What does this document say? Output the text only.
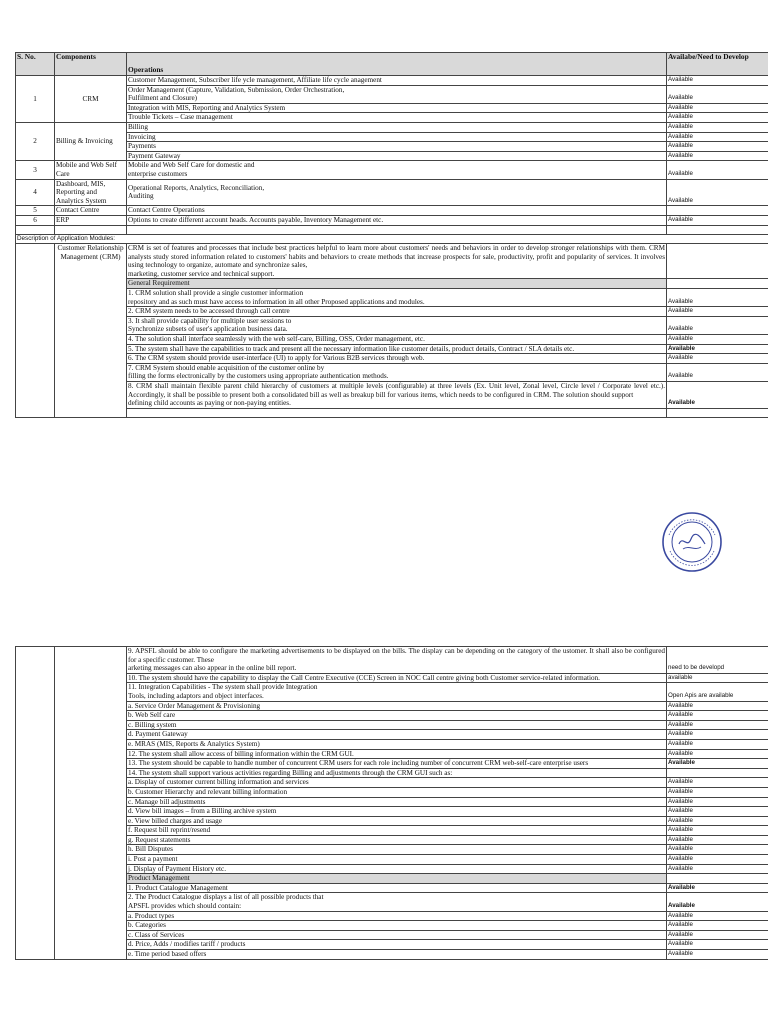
S. No.	Components	Operations	Availabe/Need to Develop
1	CRM	Customer Management, Subscriber life ycle management, Affiliate life cycle anagement	Available

		Order Management (Capture, Validation, Submission, Order Orchestration,
Fulfilment and Closure)	Available
		Integration with MIS, Reporting and Analytics System	Available
		Trouble Tickets – Case management	Available
2	Billing & Invoicing	Billing	Available
		Invoicing	Available
		Payments	Available
		Payment Gateway	Available
3	Mobile and Web Self Care	Mobile and Web Self Care for domestic and
enterprise customers	Available
4	Dashboard, MIS, Reporting and Analytics System	Operational Reports, Analytics, Reconciliation,
Auditing	Available
5	Contact Centre	Contact Centre Operations	
6	ERP	Options to create different account heads. Accounts payable, Inventory Management etc.	Available

Description of Application Modules:			
	Customer Relationship Management (CRM)	CRM is set of features and processes that include best practices helpful to learn more about customers' needs and behaviors in order to develop stronger relationships with them. CRM analysts study stored information related to customers' habits and behaviors to create methods that increase prospects for sale, productivity, profit and popularity of services. It involves using technology to organize, automate and synchronize sales,
marketing, customer service and technical support.	

		General Requirement	

		1. CRM solution shall provide a single customer information
repository and as such must have access to information in all other Proposed applications and modules.	Available
		2. CRM system needs to be accessed through call centre	Available

		3. It shall provide capability for multiple user sessions to
Synchronize subsets of user's application business data.	Available
		4. The solution shall interface seamlessly with the web self-care, Billing, OSS, Order management, etc.	Available
		5. The system shall have the capabilities to track and present all the necessary information like customer details, product details, Contract / SLA details etc.	Available
		6. The CRM system should provide user-interface (UI) to apply for Various B2B services through web.	Available

		7. CRM System should enable acquisition of the customer online by
filling the forms electronically by the customers using appropriate authentication methods.	Available

		8. CRM shall maintain flexible parent child hierarchy of customers at multiple levels (configurable) at three levels (Ex. Unit level, Zonal level, Circle level / Corporate level etc.). Accordingly, it shall be possible to present both a consolidated bill as well as breakup bill for various items, which needs to be configured in CRM. The solution should support
defining child accounts as paying or non-paying entities.	Available

		9. APSFL should be able to configure the marketing advertisements to be displayed on the bills. The display can be depending on the category of the ustomer. It shall also be configured for a specific customer. These
arketing messages can also appear in the online bill report.	need to be developd
		10. The system should have the capability to display the Call Centre Executive (CCE) Screen in NOC Call centre giving both Customer service-related information.	available

		11. Integration Capabilities - The system shall provide Integration
Tools, including adaptors and object interfaces.	Open Apis are available
		a. Service Order Management & Provisioning	Available
		b. Web Self care	Available
		c. Billing system	Available
		d. Payment Gateway	Available
		e. MRAS (MIS, Reports & Analytics System)	Available
		12. The system shall allow access of billing information within the CRM GUI.	Available
		13. The system should be capable to handle number of concurrent CRM users for each role including number of concurrent CRM web-self-care enterprise users	Available
		14. The system shall support various activities regarding Billing and adjustments through the CRM GUI such as:	
		a. Display of customer current billing information and services	Available
		b. Customer Hierarchy and relevant billing information	Available
		c. Manage bill adjustments	Available
		d. View bill images – from a Billing archive system	Available
		e. View billed charges and usage	Available
		f. Request bill reprint/resend	Available
		g. Request statements	Available
		h. Bill Disputes	Available
		i. Post a payment	Available
		j. Display of Payment History etc.	Available
		Product Management	
		1. Product Catalogue Management	Available

		2. The Product Catalogue displays a list of all possible products that
APSFL provides which should contain:	Available
		a. Product types	Available
		b. Categories	Available
		c. Class of Services	Available
		d. Price, Adds / modifies tariff / products	Available
		e. Time period based offers	Available
